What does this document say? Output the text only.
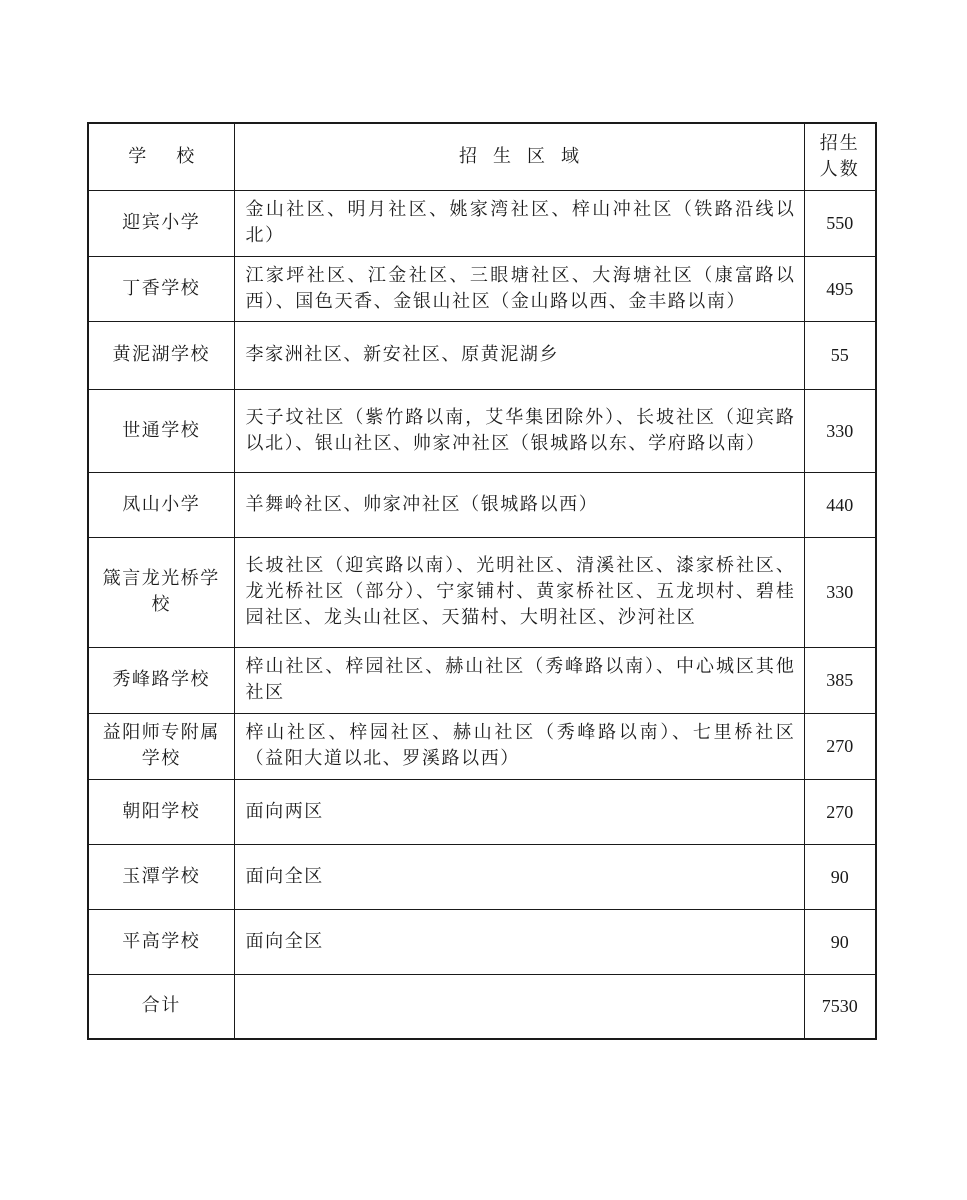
学校	招生区域	招生人数
迎宾小学	金山社区、明月社区、姚家湾社区、梓山冲社区（铁路沿线以北）	550
丁香学校	江家坪社区、江金社区、三眼塘社区、大海塘社区（康富路以西）、国色天香、金银山社区（金山路以西、金丰路以南）	495
黄泥湖学校	李家洲社区、新安社区、原黄泥湖乡	55
世通学校	天子坟社区（紫竹路以南，艾华集团除外）、长坡社区（迎宾路以北）、银山社区、帅家冲社区（银城路以东、学府路以南）	330
凤山小学	羊舞岭社区、帅家冲社区（银城路以西）	440
箴言龙光桥学校	长坡社区（迎宾路以南）、光明社区、清溪社区、漆家桥社区、龙光桥社区（部分）、宁家铺村、黄家桥社区、五龙坝村、碧桂园社区、龙头山社区、天猫村、大明社区、沙河社区	330
秀峰路学校	梓山社区、梓园社区、赫山社区（秀峰路以南）、中心城区其他社区	385
益阳师专附属学校	梓山社区、梓园社区、赫山社区（秀峰路以南）、七里桥社区（益阳大道以北、罗溪路以西）	270
朝阳学校	面向两区	270
玉潭学校	面向全区	90
平高学校	面向全区	90
合计		7530
